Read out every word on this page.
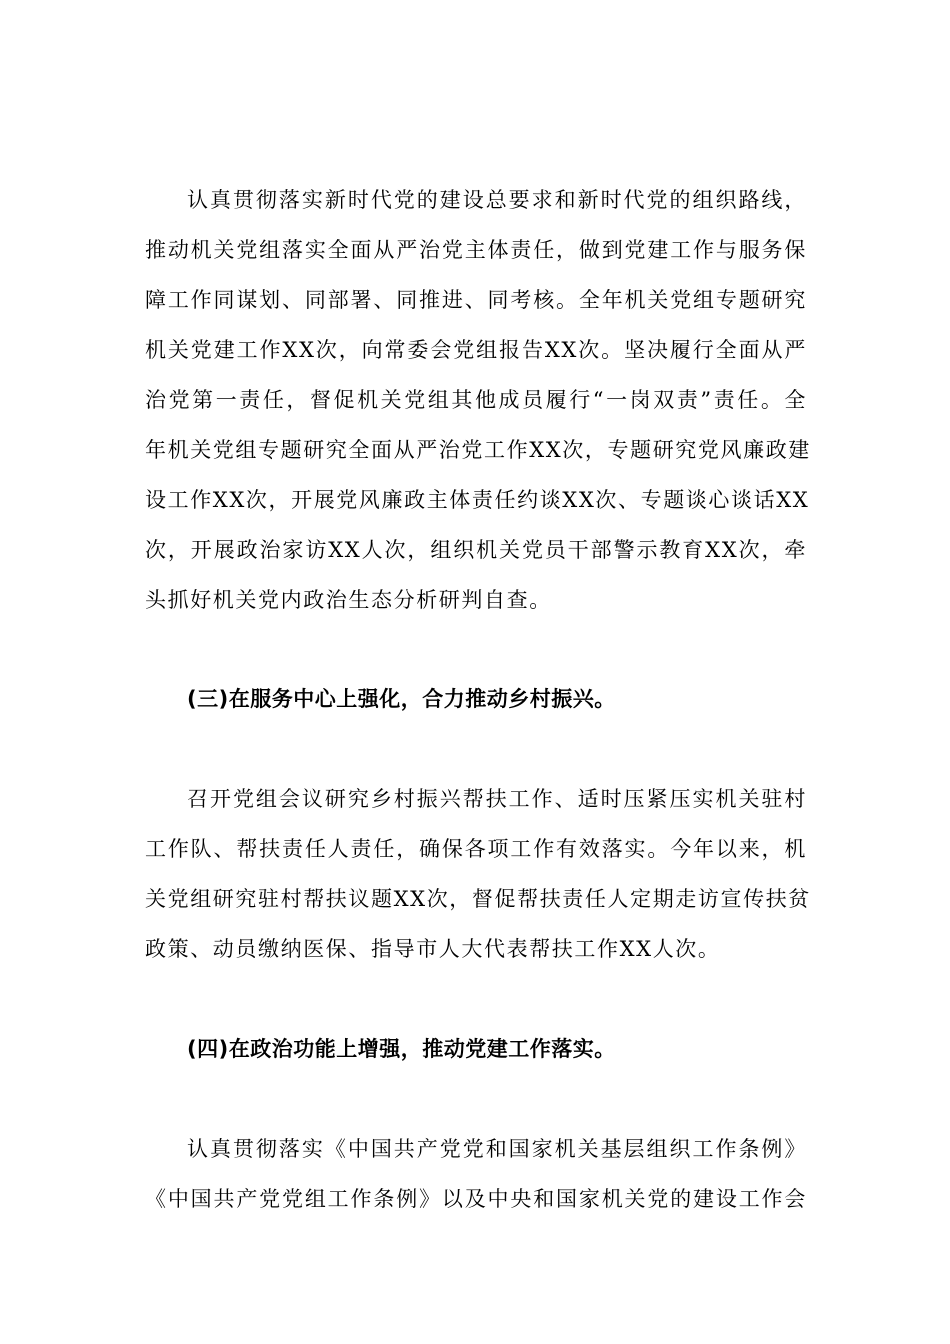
认真贯彻落实新时代党的建设总要求和新时代党的组织路线，
推动机关党组落实全面从严治党主体责任，做到党建工作与服务保
障工作同谋划、同部署、同推进、同考核。全年机关党组专题研究
机关党建工作XX次，向常委会党组报告XX次。坚决履行全面从严
治党第一责任，督促机关党组其他成员履行“一岗双责”责任。全
年机关党组专题研究全面从严治党工作XX次，专题研究党风廉政建
设工作XX次，开展党风廉政主体责任约谈XX次、专题谈心谈话XX
次，开展政治家访XX人次，组织机关党员干部警示教育XX次，牵
头抓好机关党内政治生态分析研判自查。
(三)在服务中心上强化，合力推动乡村振兴。
召开党组会议研究乡村振兴帮扶工作、适时压紧压实机关驻村
工作队、帮扶责任人责任，确保各项工作有效落实。今年以来，机
关党组研究驻村帮扶议题XX次，督促帮扶责任人定期走访宣传扶贫
政策、动员缴纳医保、指导市人大代表帮扶工作XX人次。
(四)在政治功能上增强，推动党建工作落实。
认真贯彻落实《中国共产党党和国家机关基层组织工作条例》
《中国共产党党组工作条例》以及中央和国家机关党的建设工作会
